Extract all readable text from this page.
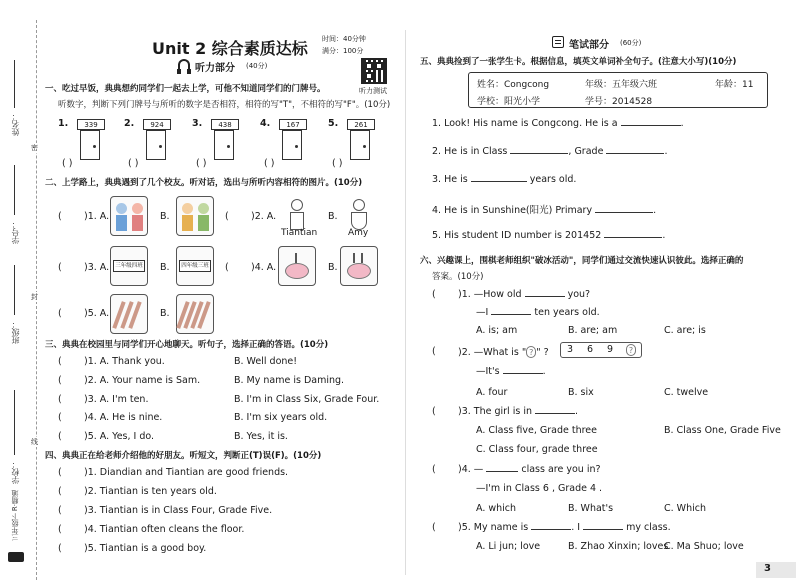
姓名：
学号：
班级：
学校：
密
封
线
三年级下 R·精通
Unit 2 综合素质达标 时间：40分钟
满分：100分
听力测试
听力部分 (40分)
一、吃过早饭，典典想约同学们一起去上学，可他不知道同学们的门牌号。
听数字，判断下列门牌号与所听的数字是否相符，相符的写"T"，不相符的写"F"。(10分)
1.	339
( )
2.	924
( )
3.	438
( )
4.	167
( )
5.	261
( )
二、上学路上，典典遇到了几个校友。听对话，选出与所听内容相符的图片。(10分)
( )1. A.	B.	( )2. A.
Tiantian
B.
Amy
( )3. A.	三年级四班 B.	四年级三班 ( )4. A.	B.
( )5. A.	B.
三、典典在校园里与同学们开心地聊天。听句子，选择正确的答语。(10分)
( )1. A. Thank you.	B. Well done!
( )2. A. Your name is Sam.	B. My name is Daming.
( )3. A. I'm ten.	B. I'm in Class Six, Grade Four.
( )4. A. He is nine.	B. I'm six years old.
( )5. A. Yes, I do.	B. Yes, it is.
四、典典正在给老师介绍他的好朋友。听短文，判断正(T)误(F)。(10分)
( )1. Diandian and Tiantian are good friends.
( )2. Tiantian is ten years old.
( )3. Tiantian is in Class Four, Grade Five.
( )4. Tiantian often cleans the floor.
( )5. Tiantian is a good boy.
笔试部分 (60分)
五、典典捡到了一张学生卡。根据信息，填英文单词补全句子。(注意大小写)(10分)
姓名：Congcong	年级：五年级六班	年龄：11
学校：阳光小学	学号：2014528
1. Look! His name is Congcong. He is a	.
2. He is in Class	, Grade	.
3. He is	years old.
4. He is in Sunshine(阳光) Primary	.
5. His student ID number is 201452	.
六、兴趣课上，围棋老师组织"破冰活动"，同学们通过交流快速认识彼此。选择正确的
答案。(10分)
( )1. —How old	you?
—I	ten years old.
A. is; am	B. are; am	C. are; is
( )2. —What is " ? " ? 3 6 9	?
—It's	.
A. four	B. six	C. twelve
( )3. The girl is in	.
A. Class five, Grade three	B. Class One, Grade Five
C. Class four, grade three
( )4. —	class are you in?
—I'm in Class 6 , Grade 4 .
A. which	B. What's	C. Which
( )5. My name is	. I	my class.
A. Li jun; love	B. Zhao Xinxin; loves
C. Ma Shuo; love
3
